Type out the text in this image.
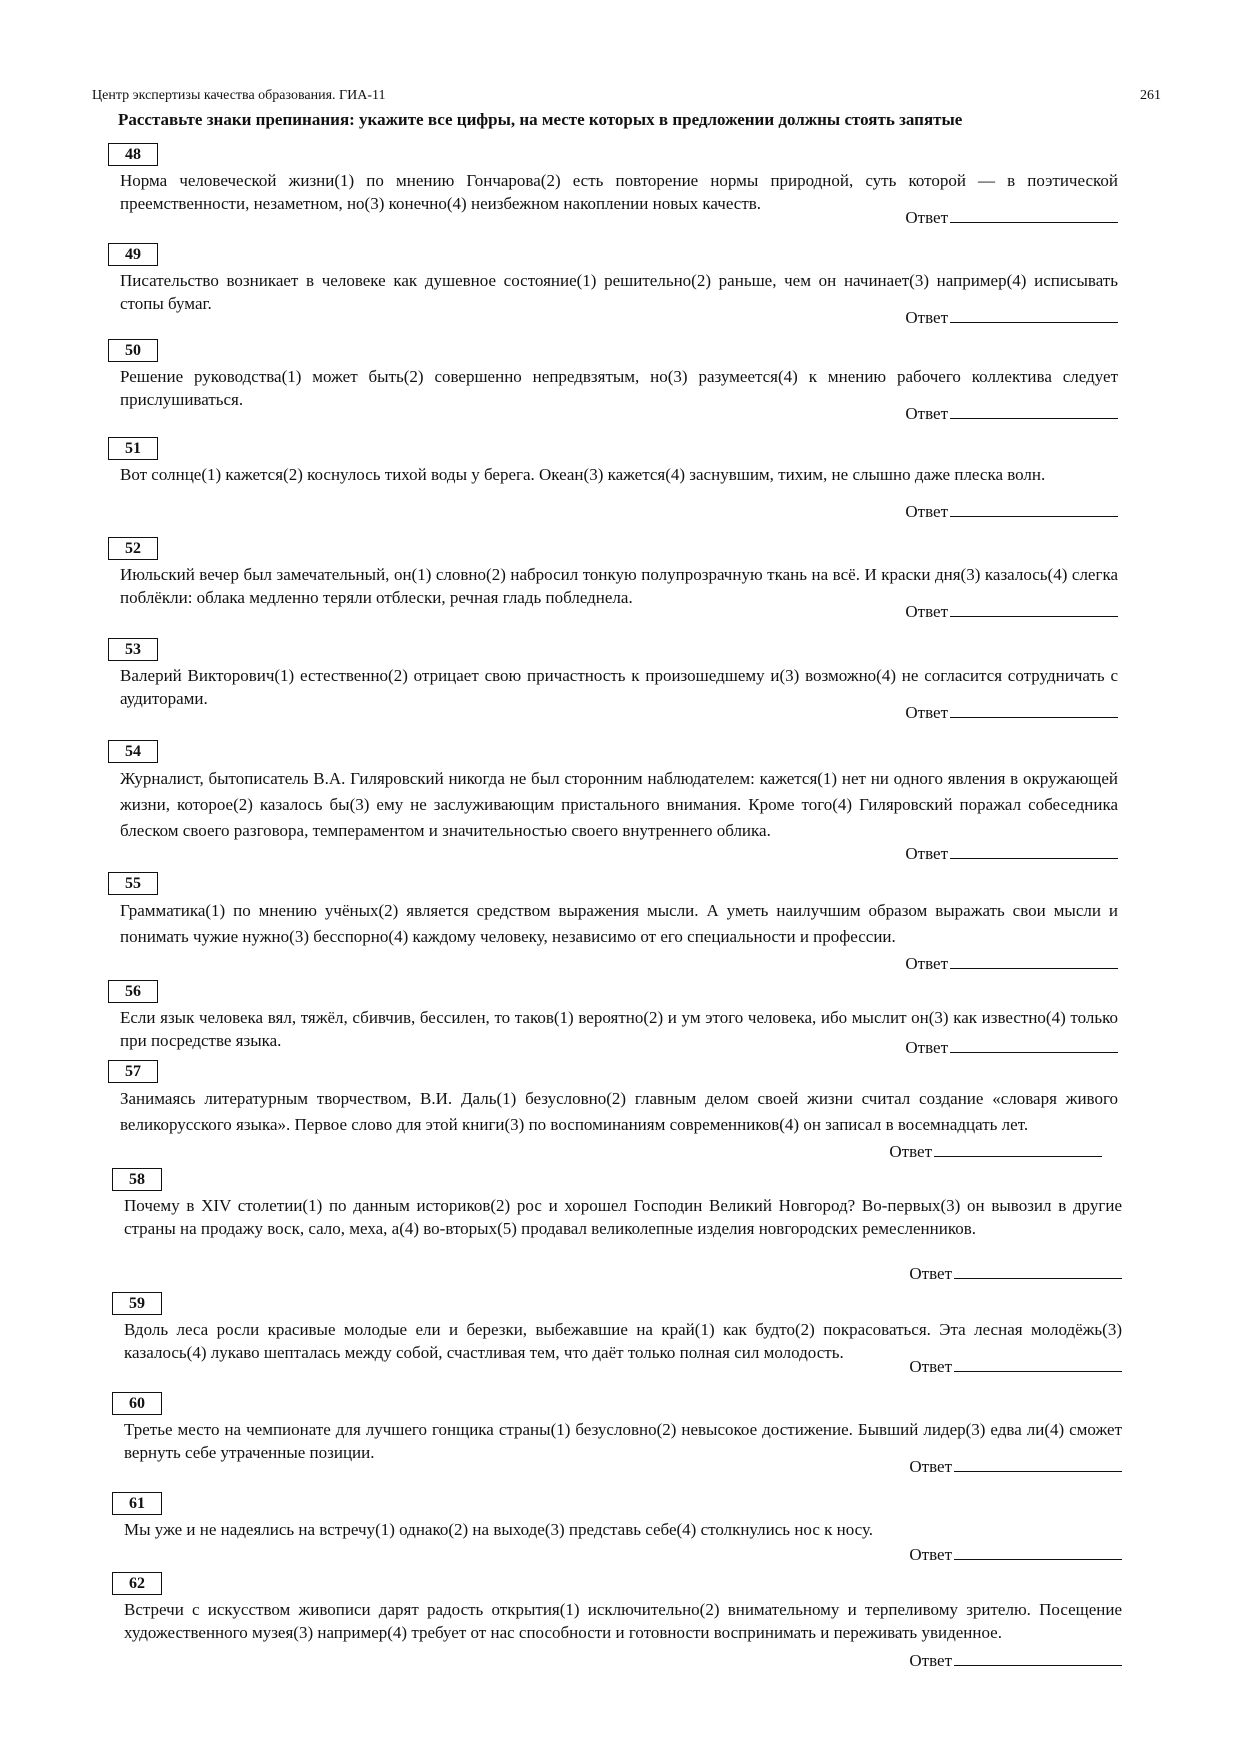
Центр экспертизы качества образования. ГИА-11	261
Расставьте знаки препинания: укажите все цифры, на месте которых в предложении должны стоять запятые
48
Норма человеческой жизни(1) по мнению Гончарова(2) есть повторение нормы природной, суть которой — в поэтической преемственности, незаметном, но(3) конечно(4) неизбежном накоплении новых качеств.
Ответ
49
Писательство возникает в человеке как душевное состояние(1) решительно(2) раньше, чем он начинает(3) например(4) исписывать стопы бумаг.
Ответ
50
Решение руководства(1) может быть(2) совершенно непредвзятым, но(3) разумеется(4) к мнению рабочего коллектива следует прислушиваться.
Ответ
51
Вот солнце(1) кажется(2) коснулось тихой воды у берега. Океан(3) кажется(4) заснувшим, тихим, не слышно даже плеска волн.
Ответ
52
Июльский вечер был замечательный, он(1) словно(2) набросил тонкую полупрозрачную ткань на всё. И краски дня(3) казалось(4) слегка поблёкли: облака медленно теряли отблески, речная гладь побледнела.
Ответ
53
Валерий Викторович(1) естественно(2) отрицает свою причастность к произошедшему и(3) возможно(4) не согласится сотрудничать с аудиторами.
Ответ
54
Журналист, бытописатель В.А. Гиляровский никогда не был сторонним наблюдателем: кажется(1) нет ни одного явления в окружающей жизни, которое(2) казалось бы(3) ему не заслуживающим пристального внимания. Кроме того(4) Гиляровский поражал собеседника блеском своего разговора, темпераментом и значительностью своего внутреннего облика.
Ответ
55
Грамматика(1) по мнению учёных(2) является средством выражения мысли. А уметь наилучшим образом выражать свои мысли и понимать чужие нужно(3) бесспорно(4) каждому человеку, независимо от его специальности и профессии.
Ответ
56
Если язык человека вял, тяжёл, сбивчив, бессилен, то таков(1) вероятно(2) и ум этого человека, ибо мыслит он(3) как известно(4) только при посредстве языка.	Ответ
57
Занимаясь литературным творчеством, В.И. Даль(1) безусловно(2) главным делом своей жизни считал создание «словаря живого великорусского языка». Первое слово для этой книги(3) по воспоминаниям современников(4) он записал в восемнадцать лет.
Ответ
58
Почему в XIV столетии(1) по данным историков(2) рос и хорошел Господин Великий Новгород? Во-первых(3) он вывозил в другие страны на продажу воск, сало, меха, а(4) во-вторых(5) продавал великолепные изделия новгородских ремесленников.
Ответ
59
Вдоль леса росли красивые молодые ели и березки, выбежавшие на край(1) как будто(2) покрасоваться. Эта лесная молодёжь(3) казалось(4) лукаво шепталась между собой, счастливая тем, что даёт только полная сил молодость.
Ответ
60
Третье место на чемпионате для лучшего гонщика страны(1) безусловно(2) невысокое достижение. Бывший лидер(3) едва ли(4) сможет вернуть себе утраченные позиции.
Ответ
61
Мы уже и не надеялись на встречу(1) однако(2) на выходе(3) представь себе(4) столкнулись нос к носу.
Ответ
62
Встречи с искусством живописи дарят радость открытия(1) исключительно(2) внимательному и терпеливому зрителю. Посещение художественного музея(3) например(4) требует от нас способности и готовности воспринимать и переживать увиденное.
Ответ
